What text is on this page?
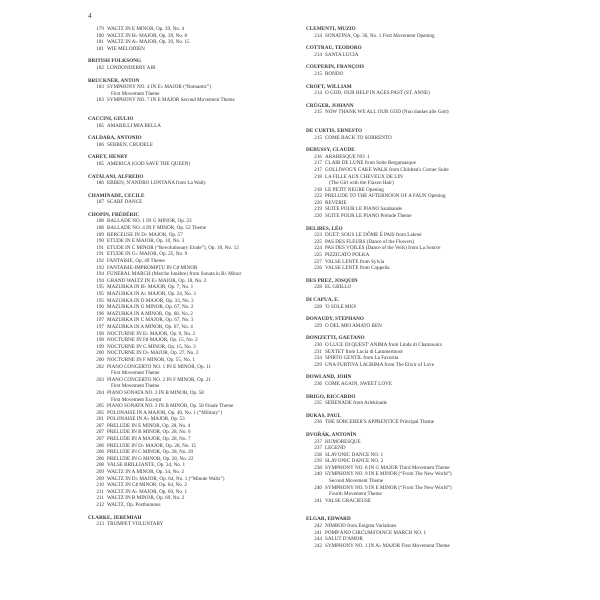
4
179 WALTZ IN E MINOR, Op. 39, No. 4
180 WALTZ IN B♭ MAJOR, Op. 39, No. 8
181 WALTZ IN A♭ MAJOR, Op. 39, No. 15
181 WIE MELODIEN
BRITISH FOLKSONG
182 LONDONDERRY AIR
BRUCKNER, ANTON
183 SYMPHONY NO. 4 IN E♭ MAJOR (“Romantic”)
First Movement Theme
183 SYMPHONY NO. 7 IN E MAJOR Second Movement Theme
CACCINI, GIULIO
185 AMARILLI MIA BELLA
CALDARA, ANTONIO
186 SEBBEN, CRUDELE
CAREY, HENRY
185 AMERICA (GOD SAVE THE QUEEN)
CATALANI, ALFREDO
186 EBBEN, N'ANDRO LONTANA from La Wally
CHAMINADE, CECILE
187 SCARF DANCE
CHOPIN, FRÉDÉRIC
188 BALLADE NO. 1 IN G MINOR, Op. 23
188 BALLADE NO. 4 IN F MINOR, Op. 52 Theme
189 BERCEUSE IN D♭ MAJOR, Op. 57
190 ETUDE IN E MAJOR, Op. 10, No. 3
191 ETUDE IN C MINOR (“Revolutionary Etude”), Op. 10, No. 12
191 ETUDE IN G♭ MAJOR, Op. 25, No. 9
192 FANTAISIE, Op. 49 Theme
193 FANTAISIE-IMPROMPTU IN C♯ MINOR
194 FUNERAL MARCH (Marche funèbre) from Sonata in B♭ Minor
194 GRAND WALTZ IN E♭ MAJOR, Op. 18, No. 2
195 MAZURKA IN B♭ MAJOR, Op. 7, No. 1
195 MAZURKA IN A♭ MAJOR, Op. 24, No. 3
195 MAZURKA IN D MAJOR, Op. 33, No. 2
196 MAZURKA IN G MINOR, Op. 67, No. 2
196 MAZURKA IN A MINOR, Op. 68, No. 2
197 MAZURKA IN C MAJOR, Op. 67, No. 3
197 MAZURKA IN A MINOR, Op. 67, No. 4
198 NOCTURNE IN E♭ MAJOR, Op. 9, No. 2
198 NOCTURNE IN F♯ MAJOR, Op. 15, No. 2
199 NOCTURNE IN G MINOR, Op. 15, No. 3
200 NOCTURNE IN D♭ MAJOR, Op. 27, No. 2
200 NOCTURNE IN F MINOR, Op. 55, No. 1
202 PIANO CONCERTO NO. 1 IN E MINOR, Op. 11
First Movement Theme
203 PIANO CONCERTO NO. 2 IN F MINOR, Op. 21
First Movement Theme
204 PIANO SONATA NO. 3 IN B MINOR, Op. 58
First Movement Excerpt
205 PIANO SONATA NO. 3 IN B MINOR, Op. 58 Finale Theme
205 POLONAISE IN A MAJOR, Op. 40, No. 1 (“Military”)
201 POLONAISE IN A♭ MAJOR, Op. 53
207 PRELUDE IN E MINOR, Op. 28, No. 4
207 PRELUDE IN B MINOR, Op. 28, No. 6
207 PRELUDE IN A MAJOR, Op. 28, No. 7
206 PRELUDE IN D♭ MAJOR, Op. 28, No. 15
206 PRELUDE IN C MINOR, Op. 28, No. 20
206 PRELUDE IN G MINOR, Op. 28, No. 22
208 VALSE BRILLIANTE, Op. 34, No. 1
209 WALTZ IN A MINOR, Op. 34, No. 2
209 WALTZ IN D♭ MAJOR, Op. 64, No. 1 (“Minute Waltz”)
210 WALTZ IN C♯ MINOR, Op. 64, No. 2
211 WALTZ IN A♭ MAJOR, Op. 69, No. 1
211 WALTZ IN B MINOR, Op. 69, No. 2
212 WALTZ, Op. Posthumous
CLARKE, JEREMIAH
213 TRUMPET VOLUNTARY
CLEMENTI, MUZIO
214 SONATINA, Op. 36, No. 1 First Movement Opening
COTTRAU, TEODORO
214 SANTA LUCIA
COUPERIN, FRANÇOIS
215 RONDO
CROFT, WILLIAM
214 O GOD, OUR HELP IN AGES PAST (ST. ANNE)
CRÜGER, JOHANN
215 NOW THANK WE ALL OUR GOD (Nun danket alle Gott)
DE CURTIS, ERNESTO
215 COME BACK TO SORRENTO
DEBUSSY, CLAUDE
216 ARABESQUE NO. 1
217 CLAIR DE LUNE from Suite Bergamasque
217 GOLLIWOG'S CAKE WALK from Children's Corner Suite
218 LA FILLE AUX CHEVEUX DE LIN
(The Girl with the Flaxen Hair)
218 LE PETIT NEGRE Opening
222 PRELUDE TO THE AFTERNOON OF A FAUN Opening
220 REVERIE
219 SUITE POUR LE PIANO Sarabande
220 SUITE POUR LE PIANO Prelude Theme
DELIBES, LÉO
223 DUET: SOUS LE DÔME É PAIS from Lakmé
225 PAS DES FLEURS (Dance of the Flowers)
224 PAS DES VOILES (Dance of the Veils) from La Source
225 PIZZICATO POLKA
227 VALSE LENTE from Sylvia
226 VALSE LENTE from Coppelia
DES PREZ, JOSQUIN
228 EL GRILLO
DI CAPUA, E.
228 'O SOLE MIO!
DONAUDY, STEPHANO
229 O DEL MIO AMATO BEN
DONIZETTI, GAETANO
230 O LUCE DI QUEST' ANIMA from Linda di Chamounix
231 SEXTET from Lucia di Lammermoor
234 SPIRTO GENTIL from La Favorita
229 UNA FURTIVA LAGRIMA from The Elixir of Love
DOWLAND, JOHN
236 COME AGAIN, SWEET LOVE
DRIGO, RICCARDO
235 SERENADE from Arlekinade
DUKAS, PAUL
236 THE SORCERER'S APPRENTICE Principal Theme
DVOŘÁK, ANTONÍN
237 HUMORESQUE
237 LEGEND
238 SLAVONIC DANCE NO. 1
239 SLAVONIC DANCE NO. 2
238 SYMPHONY NO. 8 IN G MAJOR Third Movement Theme
240 SYMPHONY NO. 9 IN E MINOR (“From The New World”)
Second Movement Theme
240 SYMPHONY NO. 9 IN E MINOR (“From The New World”)
Fourth Movement Theme
241 VALSE GRACIEUSE
ELGAR, EDWARD
242 NIMROD from Enigma Variations
241 POMP AND CIRCUMSTANCE MARCH NO. 1
244 SALUT D'AMOR
242 SYMPHONY NO. 1 IN A♭ MAJOR First Movement Theme
